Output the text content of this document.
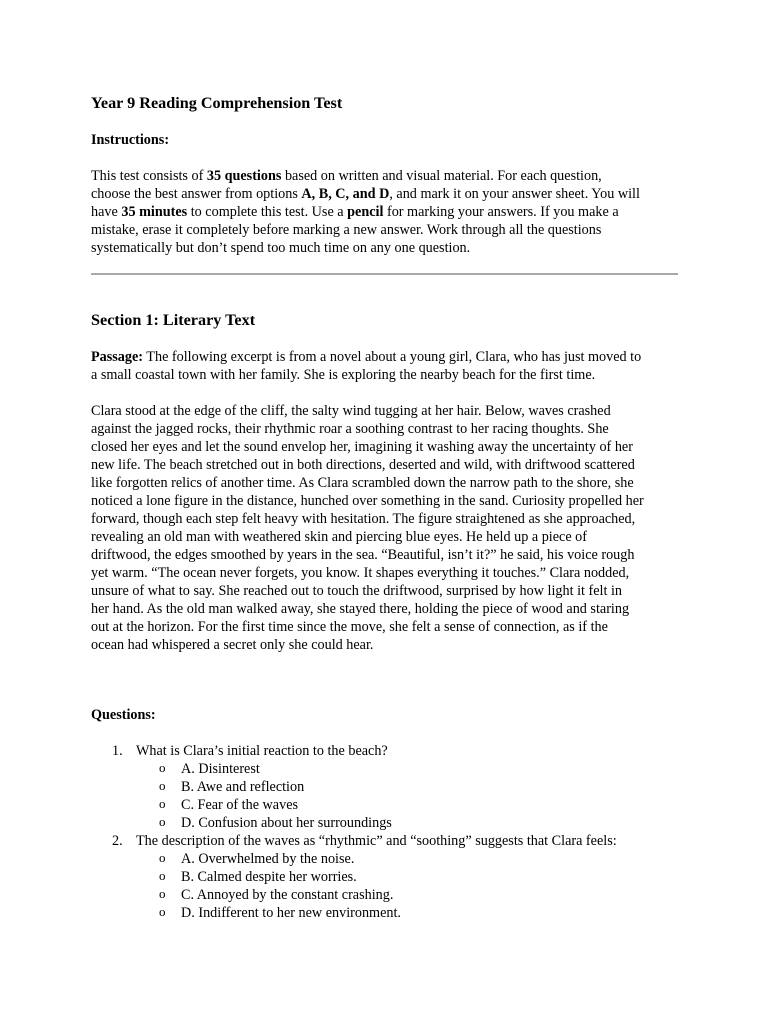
Year 9 Reading Comprehension Test
Instructions:
This test consists of 35 questions based on written and visual material. For each question,
choose the best answer from options A, B, C, and D, and mark it on your answer sheet. You will
have 35 minutes to complete this test. Use a pencil for marking your answers. If you make a
mistake, erase it completely before marking a new answer. Work through all the questions
systematically but don’t spend too much time on any one question.
Section 1: Literary Text
Passage: The following excerpt is from a novel about a young girl, Clara, who has just moved to
a small coastal town with her family. She is exploring the nearby beach for the first time.
Clara stood at the edge of the cliff, the salty wind tugging at her hair. Below, waves crashed
against the jagged rocks, their rhythmic roar a soothing contrast to her racing thoughts. She
closed her eyes and let the sound envelop her, imagining it washing away the uncertainty of her
new life. The beach stretched out in both directions, deserted and wild, with driftwood scattered
like forgotten relics of another time. As Clara scrambled down the narrow path to the shore, she
noticed a lone figure in the distance, hunched over something in the sand. Curiosity propelled her
forward, though each step felt heavy with hesitation. The figure straightened as she approached,
revealing an old man with weathered skin and piercing blue eyes. He held up a piece of
driftwood, the edges smoothed by years in the sea. “Beautiful, isn’t it?” he said, his voice rough
yet warm. “The ocean never forgets, you know. It shapes everything it touches.” Clara nodded,
unsure of what to say. She reached out to touch the driftwood, surprised by how light it felt in
her hand. As the old man walked away, she stayed there, holding the piece of wood and staring
out at the horizon. For the first time since the move, she felt a sense of connection, as if the
ocean had whispered a secret only she could hear.
Questions:
1. What is Clara’s initial reaction to the beach?
o A. Disinterest
o B. Awe and reflection
o C. Fear of the waves
o D. Confusion about her surroundings
2. The description of the waves as “rhythmic” and “soothing” suggests that Clara feels:
o A. Overwhelmed by the noise.
o B. Calmed despite her worries.
o C. Annoyed by the constant crashing.
o D. Indifferent to her new environment.
